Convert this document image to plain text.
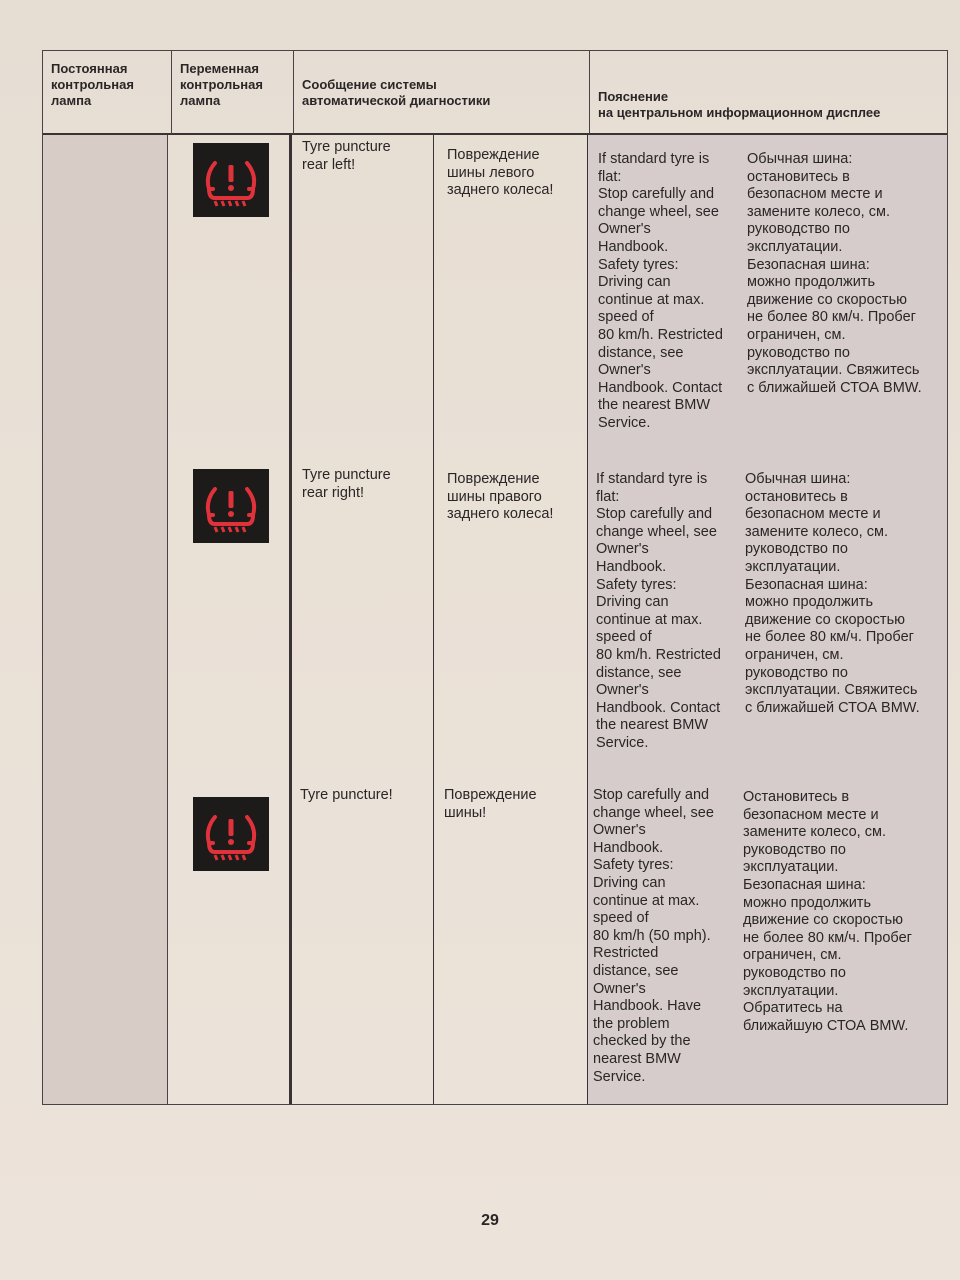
Постоянная
контрольная
лампа
Переменная
контрольная
лампа
Сообщение системы
автоматической диагностики	Пояснение
на центральном информационном дисплее
Tyre puncture
rear left!
Повреждение
шины левого
заднего колеса!
If standard tyre is
flat:
Stop carefully and
change wheel, see
Owner's
Handbook.
Safety tyres:
Driving can
continue at max.
speed of
80 km/h. Restricted
distance, see
Owner's
Handbook. Contact
the nearest BMW
Service.
Обычная шина:
остановитесь в
безопасном месте и
замените колесо, см.
руководство по
эксплуатации.
Безопасная шина:
можно продолжить
движение со скоростью
не более 80 км/ч. Пробег
ограничен, см.
руководство по
эксплуатации. Свяжитесь
с ближайшей СТОА BMW.
Tyre puncture
rear right!
Повреждение
шины правого
заднего колеса!
If standard tyre is
flat:
Stop carefully and
change wheel, see
Owner's
Handbook.
Safety tyres:
Driving can
continue at max.
speed of
80 km/h. Restricted
distance, see
Owner's
Handbook. Contact
the nearest BMW
Service.
Обычная шина:
остановитесь в
безопасном месте и
замените колесо, см.
руководство по
эксплуатации.
Безопасная шина:
можно продолжить
движение со скоростью
не более 80 км/ч. Пробег
ограничен, см.
руководство по
эксплуатации. Свяжитесь
с ближайшей СТОА BMW.
Tyre puncture!	Повреждение
шины!
Stop carefully and
change wheel, see
Owner's
Handbook.
Safety tyres:
Driving can
continue at max.
speed of
80 km/h (50 mph).
Restricted
distance, see
Owner's
Handbook. Have
the problem
checked by the
nearest BMW
Service.
Остановитесь в
безопасном месте и
замените колесо, см.
руководство по
эксплуатации.
Безопасная шина:
можно продолжить
движение со скоростью
не более 80 км/ч. Пробег
ограничен, см.
руководство по
эксплуатации.
Обратитесь на
ближайшую СТОА BMW.
29
